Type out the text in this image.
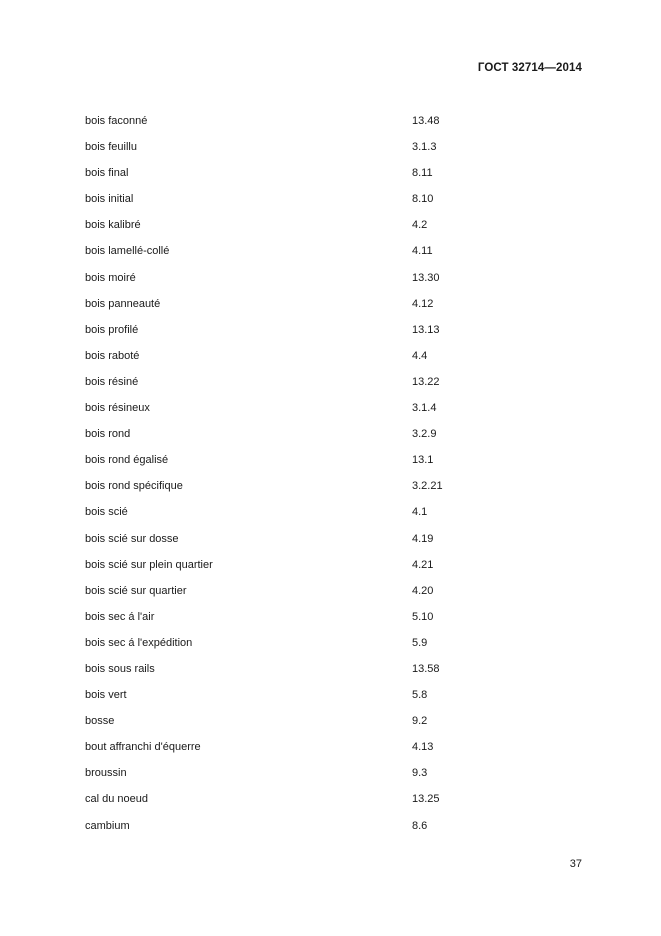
ГОСТ 32714—2014
bois faconné	13.48
bois feuillu	3.1.3
bois final	8.11
bois initial	8.10
bois kalibré	4.2
bois lamellé-collé	4.11
bois moiré	13.30
bois panneauté	4.12
bois profilé	13.13
bois raboté	4.4
bois résiné	13.22
bois résineux	3.1.4
bois rond	3.2.9
bois rond égalisé	13.1
bois rond spécifique	3.2.21
bois scié	4.1
bois scié sur dosse	4.19
bois scié sur plein quartier	4.21
bois scié sur quartier	4.20
bois sec á l'air	5.10
bois sec á l'expédition	5.9
bois sous rails	13.58
bois vert	5.8
bosse	9.2
bout affranchi d'équerre	4.13
broussin	9.3
cal du noeud	13.25
cambium	8.6
37
